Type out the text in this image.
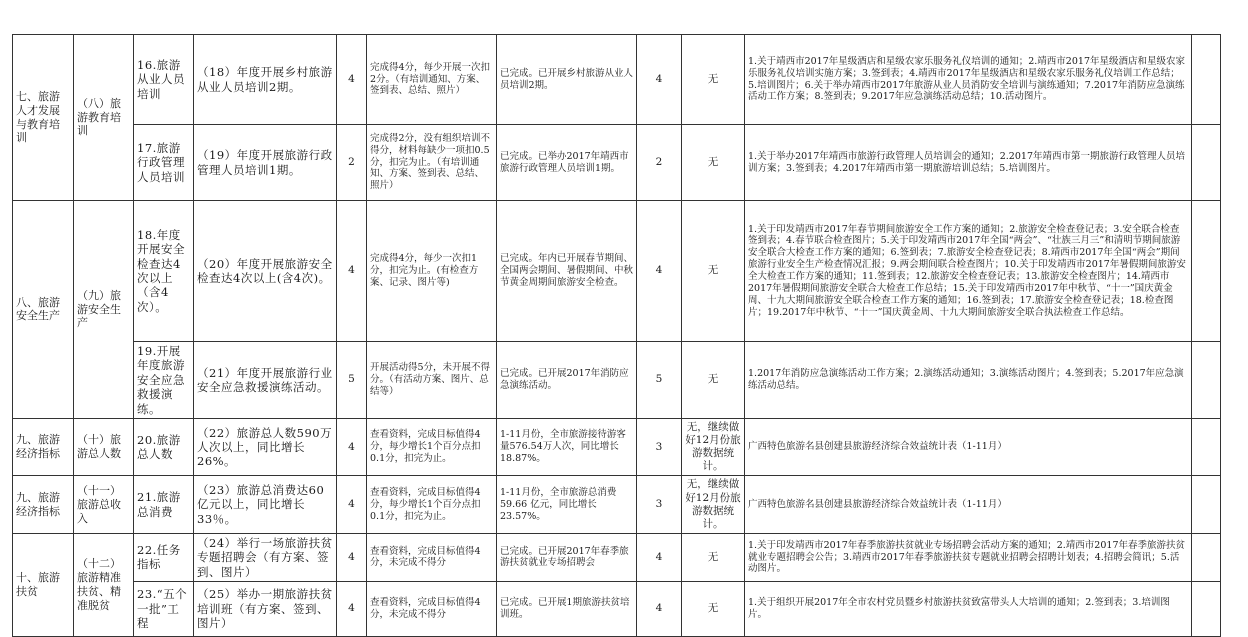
七、旅游人才发展与教育培训	（八）旅游教育培训	16.旅游从业人员培训	（18）年度开展乡村旅游从业人员培训2期。	4	完成得4分，每少开展一次扣2分。（有培训通知、方案、签到表、总结、照片）	已完成。已开展乡村旅游从业人员培训2期。	4	无	1.关于靖西市2017年星级酒店和星级农家乐服务礼仪培训的通知；2.靖西市2017年星级酒店和星级农家乐服务礼仪培训实施方案；3.签到表；4.靖西市2017年星级酒店和星级农家乐服务礼仪培训工作总结；5.培训图片；6.关于举办靖西市2017年旅游从业人员消防安全培训与演练通知；7.2017年消防应急演练活动工作方案；8.签到表；9.2017年应急演练活动总结；10.活动图片。	
		17.旅游行政管理人员培训	（19）年度开展旅游行政管理人员培训1期。	2	完成得2分，没有组织培训不得分，材料每缺少一项扣0.5分，扣完为止。（有培训通知、方案、签到表、总结、照片）	已完成。已举办2017年靖西市旅游行政管理人员培训1期。	2	无	1.关于举办2017年靖西市旅游行政管理人员培训会的通知；2.2017年靖西市第一期旅游行政管理人员培训方案；3.签到表；4.2017年靖西市第一期旅游培训总结；5.培训图片。	
八、旅游安全生产	（九）旅游安全生产	18.年度开展安全检查达4次以上（含4次）。	（20）年度开展旅游安全检查达4次以上(含4次)。	4	完成得4分，每少一次扣1分，扣完为止。(有检查方案、记录、图片等)	已完成。年内已开展春节期间、全国两会期间、暑假期间、中秋节黄金周期间旅游安全检查。	4	无	1.关于印发靖西市2017年春节期间旅游安全工作方案的通知；2.旅游安全检查登记表；3.安全联合检查签到表；4.春节联合检查图片；5.关于印发靖西市2017年全国“两会”、“壮族三月三”和清明节期间旅游安全联合大检查工作方案的通知；6.签到表；7.旅游安全检查登记表；8.靖西市2017年全国“两会”期间旅游行业安全生产检查情况汇报；9.两会期间联合检查图片；10.关于印发靖西市2017年暑假期间旅游安全大检查工作方案的通知；11.签到表；12.旅游安全检查登记表；13.旅游安全检查图片；14.靖西市2017年暑假期间旅游安全联合大检查工作总结；15.关于印发靖西市2017年中秋节、“十一”国庆黄金周、十九大期间旅游安全联合检查工作方案的通知；16.签到表；17.旅游安全检查登记表；18.检查图片；19.2017年中秋节、“十一”国庆黄金周、十九大期间旅游安全联合执法检查工作总结。	
		19.开展年度旅游安全应急救援演练。	（21）年度开展旅游行业安全应急救援演练活动。	5	开展活动得5分，未开展不得分。（有活动方案、图片、总结等）	已完成。已开展2017年消防应急演练活动。	5	无	1.2017年消防应急演练活动工作方案；2.演练活动通知；3.演练活动图片；4.签到表；5.2017年应急演练活动总结。	
九、旅游经济指标	（十）旅游总人数	20.旅游总人数	（22）旅游总人数590万人次以上，同比增长26%。	4	查看资料，完成目标值得4分，每少增长1个百分点扣0.1分，扣完为止。	1-11月份，全市旅游接待游客量576.54万人次，同比增长18.87%。	3	无，继续做好12月份旅游数据统计。	广西特色旅游名县创建县旅游经济综合效益统计表（1-11月）	
九、旅游经济指标	（十一）旅游总收入	21.旅游总消费	（23）旅游总消费达60亿元以上，同比增长33％。	4	查看资料，完成目标值得4分，每少增长1个百分点扣0.1分，扣完为止。	1-11月份，全市旅游总消费59.66 亿元，同比增长23.57%。	3	无，继续做好12月份旅游数据统计。	广西特色旅游名县创建县旅游经济综合效益统计表（1-11月）	
十、旅游扶贫	（十二）旅游精准扶贫、精准脱贫	22.任务指标	（24）举行一场旅游扶贫专题招聘会（有方案、签到、图片）	4	查看资料，完成目标值得4分，未完成不得分	已完成。已开展2017年春季旅游扶贫就业专场招聘会	4	无	1.关于印发靖西市2017年春季旅游扶贫就业专场招聘会活动方案的通知；2.靖西市2017年春季旅游扶贫就业专题招聘会公告；3.靖西市2017年春季旅游扶贫专题就业招聘会招聘计划表；4.招聘会简讯；5.活动图片。	
		23.“五个一批”工程	（25）举办一期旅游扶贫培训班（有方案、签到、图片）	4	查看资料，完成目标值得4分，未完成不得分	已完成。已开展1期旅游扶贫培训班。	4	无	1.关于组织开展2017年全市农村党员暨乡村旅游扶贫致富带头人大培训的通知；2.签到表；3.培训图片。	
